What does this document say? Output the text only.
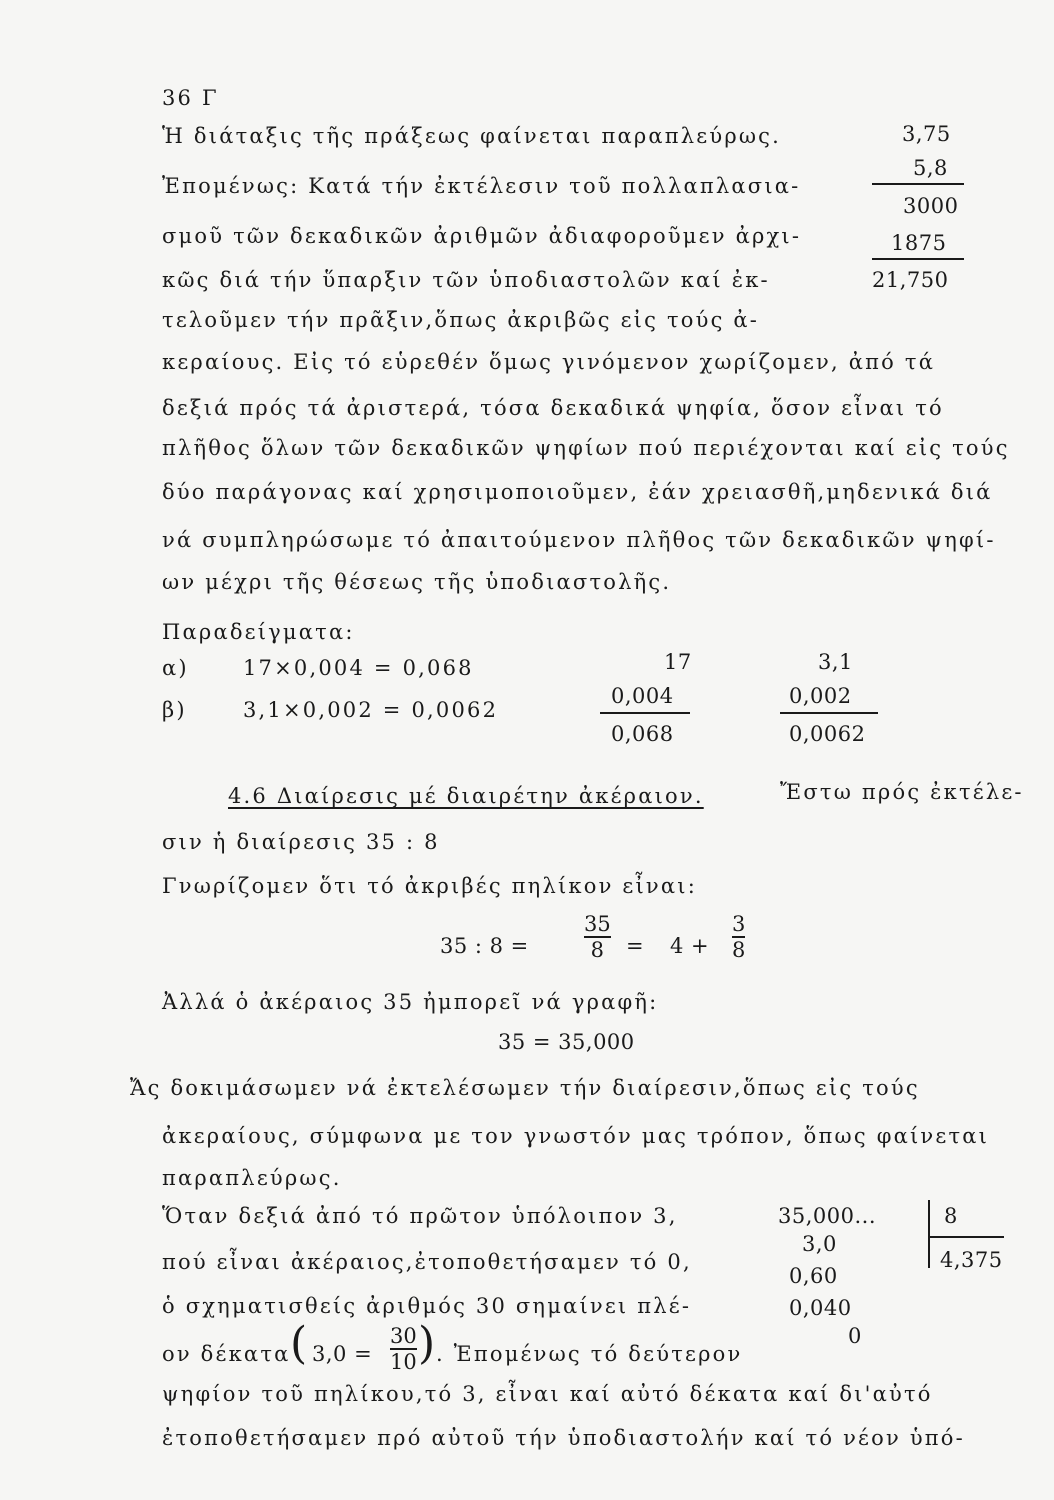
36 Γ
Ἡ διάταξις τῆς πράξεως φαίνεται παραπλεύρως.
Ἐπομένως: Κατά τήν ἐκτέλεσιν τοῦ πολλαπλασια-
σμοῦ τῶν δεκαδικῶν ἀριθμῶν ἀδιαφοροῦμεν ἀρχι-
κῶς διά τήν ὕπαρξιν τῶν ὑποδιαστολῶν καί ἐκ-
τελοῦμεν τήν πρᾶξιν,ὅπως ἀκριβῶς εἰς τούς ἀ-
κεραίους. Εἰς τό εὑρεθέν ὅμως γινόμενον χωρίζομεν, ἀπό τά
δεξιά πρός τά ἀριστερά, τόσα δεκαδικά ψηφία, ὅσον εἶναι τό
πλῆθος ὅλων τῶν δεκαδικῶν ψηφίων πού περιέχονται καί εἰς τούς
δύο παράγονας καί χρησιμοποιοῦμεν, ἐάν χρειασθῆ,μηδενικά διά
νά συμπληρώσωμε τό ἀπαιτούμενον πλῆθος τῶν δεκαδικῶν ψηφί-
ων μέχρι τῆς θέσεως τῆς ὑποδιαστολῆς.
3,75
5,8
3000
1875
21,750
Παραδείγματα:
α)	17×0,004 = 0,068
β)	3,1×0,002 = 0,0062
17
0,004
0,068
3,1
0,002
0,0062
4.6 Διαίρεσις μέ διαιρέτην ἀκέραιον.	Ἔστω πρός ἐκτέλε-
σιν ἡ διαίρεσις 35 : 8
Γνωρίζομεν ὅτι τό ἀκριβές πηλίκον εἶναι:
35 : 8 =
35
8 = 4 +
3
8
Ἀλλά ὁ ἀκέραιος 35 ἠμπορεῖ νά γραφῆ:
35 = 35,000
Ἄς δοκιμάσωμεν νά ἐκτελέσωμεν τήν διαίρεσιν,ὅπως εἰς τούς
ἀκεραίους, σύμφωνα με τον γνωστόν μας τρόπον, ὅπως φαίνεται
παραπλεύρως.
Ὅταν δεξιά ἀπό τό πρῶτον ὑπόλοιπον 3,
πού εἶναι ἀκέραιος,ἐτοποθετήσαμεν τό 0,
ὁ σχηματισθείς ἀριθμός 30 σημαίνει πλέ-
ον δέκατα ( 3,0 =
30
10 ) . Ἐπομένως τό δεύτερον
ψηφίον τοῦ πηλίκου,τό 3, εἶναι καί αὐτό δέκατα καί δι'αὐτό
ἐτοποθετήσαμεν πρό αὐτοῦ τήν ὑποδιαστολήν καί τό νέον ὑπό-
35,000...	8
4,375
3,0
0,60
0,040
0
